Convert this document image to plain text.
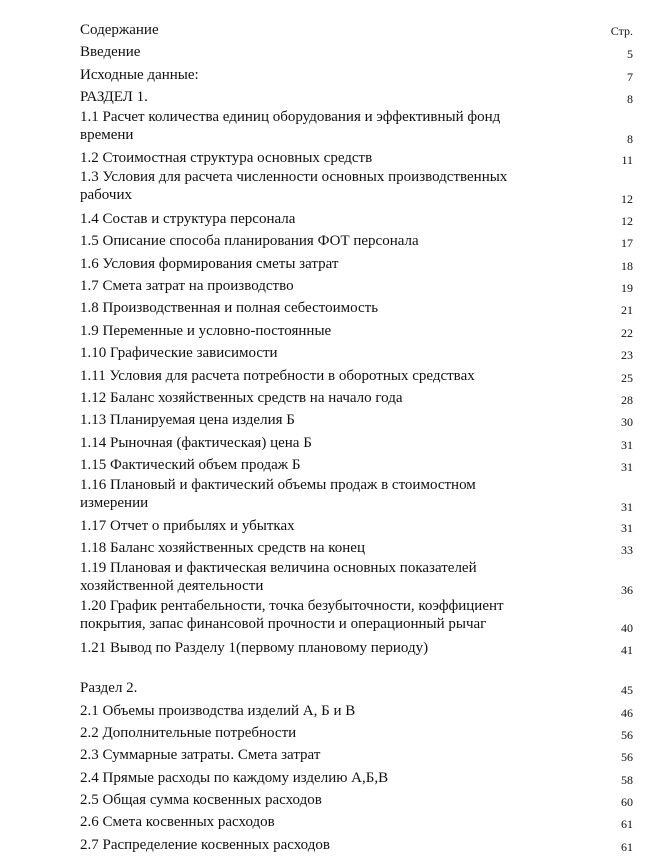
Содержание	Стр.
Введение	5
Исходные данные:	7
РАЗДЕЛ 1.	8
1.1 Расчет количества единиц оборудования и эффективный фонд
времени	8
1.2 Стоимостная структура основных средств	11
1.3 Условия для расчета численности основных производственных
рабочих	12
1.4 Состав и структура персонала	12
1.5 Описание способа планирования ФОТ персонала	17
1.6 Условия формирования сметы затрат	18
1.7 Смета затрат на производство	19
1.8 Производственная и полная себестоимость	21
1.9 Переменные и условно-постоянные	22
1.10 Графические зависимости	23
1.11 Условия для расчета потребности в оборотных средствах	25
1.12 Баланс хозяйственных средств на начало года	28
1.13 Планируемая цена изделия Б	30
1.14 Рыночная (фактическая) цена Б	31
1.15 Фактический объем продаж Б	31
1.16 Плановый и фактический объемы продаж в стоимостном
измерении	31
1.17 Отчет о прибылях и убытках	31
1.18 Баланс хозяйственных средств на конец	33
1.19 Плановая и фактическая величина основных показателей
хозяйственной деятельности	36
1.20 График рентабельности, точка безубыточности, коэффициент
покрытия, запас финансовой прочности и операционный рычаг	40
1.21 Вывод по Разделу 1(первому плановому периоду)	41
Раздел 2.	45
2.1 Объемы производства изделий А, Б и В	46
2.2 Дополнительные потребности	56
2.3 Суммарные затраты. Смета затрат	56
2.4 Прямые расходы по каждому изделию А,Б,В	58
2.5 Общая сумма косвенных расходов	60
2.6 Смета косвенных расходов	61
2.7 Распределение косвенных расходов	61
